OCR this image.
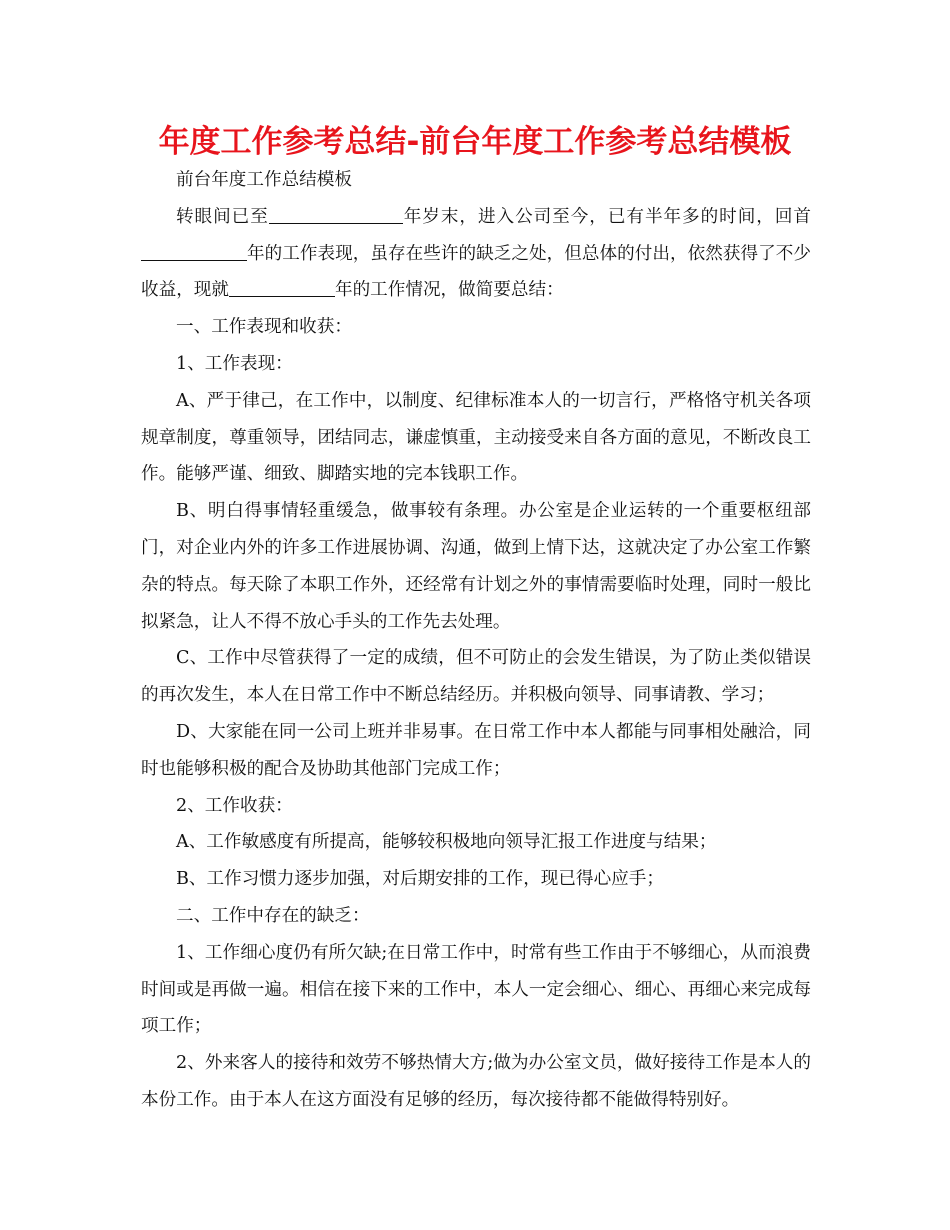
年度工作参考总结-前台年度工作参考总结模板

前台年度工作总结模板

转眼间已至	年岁末，进入公司至今，已有半年多的时间，回首年的工作表现，虽存在些许的缺乏之处，但总体的付出，依然获得了不少收益，现就	年的工作情况，做简要总结：

一、工作表现和收获：

1、工作表现：

A、严于律己，在工作中，以制度、纪律标准本人的一切言行，严格恪守机关各项规章制度，尊重领导，团结同志，谦虚慎重，主动接受来自各方面的意见，不断改良工作。能够严谨、细致、脚踏实地的完本钱职工作。

B、明白得事情轻重缓急，做事较有条理。办公室是企业运转的一个重要枢纽部门，对企业内外的许多工作进展协调、沟通，做到上情下达，这就决定了办公室工作繁杂的特点。每天除了本职工作外，还经常有计划之外的事情需要临时处理，同时一般比拟紧急，让人不得不放心手头的工作先去处理。

C、工作中尽管获得了一定的成绩，但不可防止的会发生错误，为了防止类似错误的再次发生，本人在日常工作中不断总结经历。并积极向领导、同事请教、学习；

D、大家能在同一公司上班并非易事。在日常工作中本人都能与同事相处融洽，同时也能够积极的配合及协助其他部门完成工作；

2、工作收获：

A、工作敏感度有所提高，能够较积极地向领导汇报工作进度与结果；

B、工作习惯力逐步加强，对后期安排的工作，现已得心应手；

二、工作中存在的缺乏：

1、工作细心度仍有所欠缺;在日常工作中，时常有些工作由于不够细心，从而浪费时间或是再做一遍。相信在接下来的工作中，本人一定会细心、细心、再细心来完成每项工作；

2、外来客人的接待和效劳不够热情大方;做为办公室文员，做好接待工作是本人的本份工作。由于本人在这方面没有足够的经历，每次接待都不能做得特别好。
